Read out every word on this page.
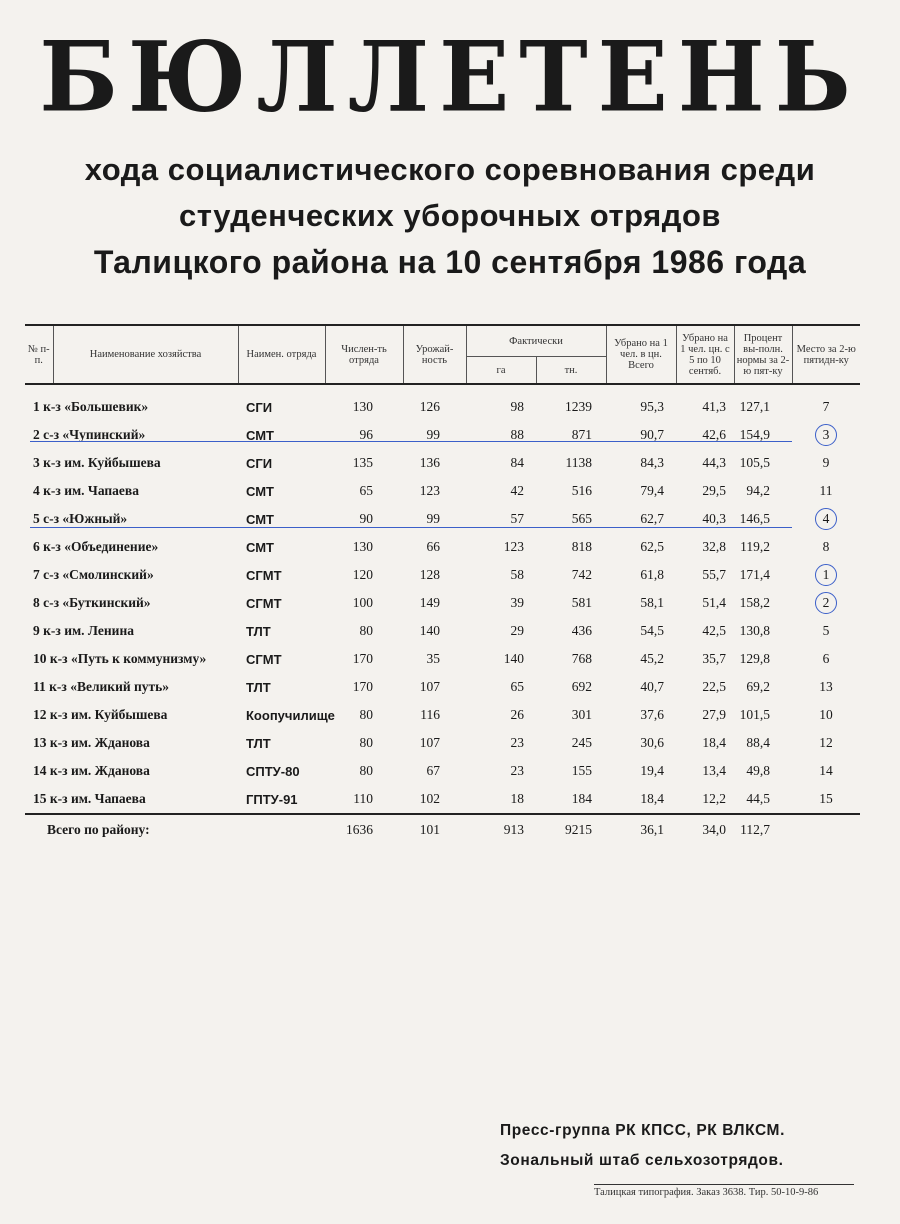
БЮЛЛЕТЕНЬ
хода социалистического соревнования среди
студенческих уборочных отрядов
Талицкого района на 10 сентября 1986 года
№ п-п.	Наименование хозяйства	Наимен. отряда	Числен-ть отряда	Урожай-ность	Фактически		Убрано на 1 чел. в цн. Всего	Убрано на 1 чел. цн. с 5 по 10 сентяб.	Процент вы-полн. нормы за 2-ю пят-ку	Место за 2-ю пятидн-ку
					га	тн.				
1 к-з «Большевик»		СГИ	130	126	98	1239	95,3	41,3	127,1	7
2 с-з «Чупинский»		СМТ	96	99	88	871	90,7	42,6	154,9	3
3 к-з им. Куйбышева		СГИ	135	136	84	1138	84,3	44,3	105,5	9
4 к-з им. Чапаева		СМТ	65	123	42	516	79,4	29,5	94,2	11
5 с-з «Южный»		СМТ	90	99	57	565	62,7	40,3	146,5	4
6 к-з «Объединение»		СМТ	130	66	123	818	62,5	32,8	119,2	8
7 с-з «Смолинский»		СГМТ	120	128	58	742	61,8	55,7	171,4	1
8 с-з «Буткинский»		СГМТ	100	149	39	581	58,1	51,4	158,2	2
9 к-з им. Ленина		ТЛТ	80	140	29	436	54,5	42,5	130,8	5
10 к-з «Путь к коммунизму»		СГМТ	170	35	140	768	45,2	35,7	129,8	6
11 к-з «Великий путь»		ТЛТ	170	107	65	692	40,7	22,5	69,2	13
12 к-з им. Куйбышева		Коопучилище	80	116	26	301	37,6	27,9	101,5	10
13 к-з им. Жданова		ТЛТ	80	107	23	245	30,6	18,4	88,4	12
14 к-з им. Жданова		СПТУ-80	80	67	23	155	19,4	13,4	49,8	14
15 к-з им. Чапаева		ГПТУ-91	110	102	18	184	18,4	12,2	44,5	15
Всего по району:			1636	101	913	9215	36,1	34,0	112,7	
Пресс-группа РК КПСС, РК ВЛКСМ.
Зональный штаб сельхозотрядов.
Талицкая типография. Заказ 3638. Тир. 50-10-9-86
